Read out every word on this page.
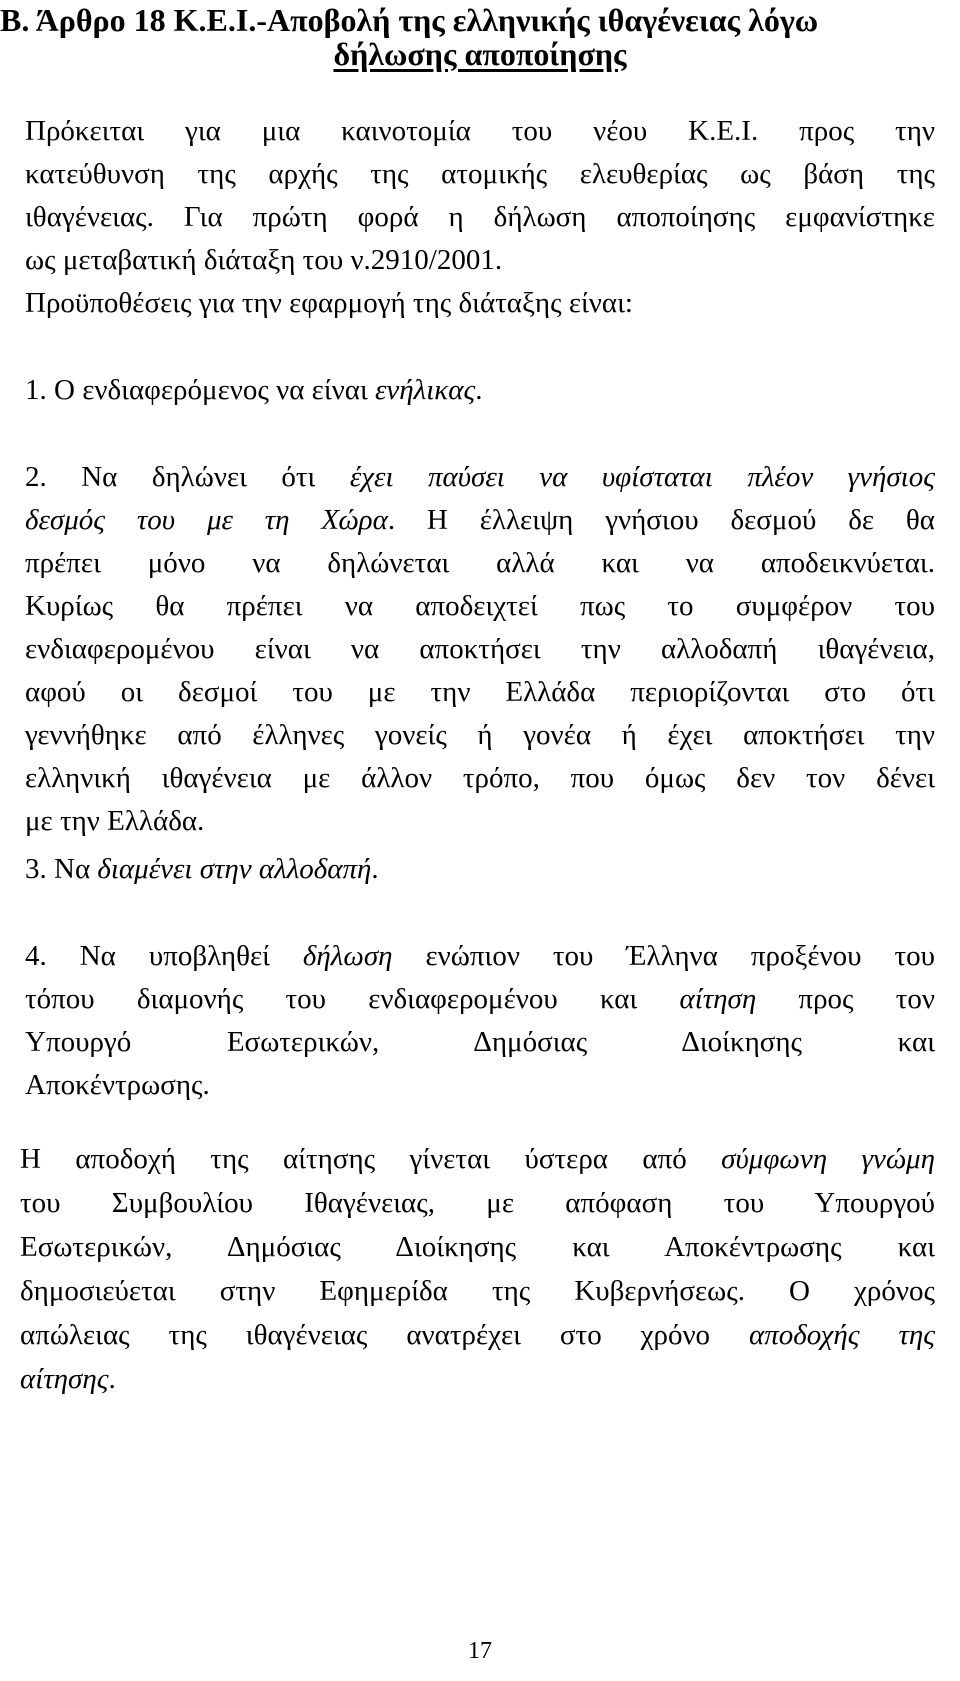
Β. Άρθρο 18 Κ.Ε.Ι.-Αποβολή της ελληνικής ιθαγένειας λόγω
δήλωσης αποποίησης
Πρόκειται για μια καινοτομία του νέου Κ.Ε.Ι. προς την
κατεύθυνση της αρχής της ατομικής ελευθερίας ως βάση της
ιθαγένειας. Για πρώτη φορά η δήλωση αποποίησης εμφανίστηκε
ως μεταβατική διάταξη του ν.2910/2001.
Προϋποθέσεις για την εφαρμογή της διάταξης είναι:
1. Ο ενδιαφερόμενος να είναι ενήλικας.
2. Να δηλώνει ότι έχει παύσει να υφίσταται πλέον γνήσιος
δεσμός του με τη Χώρα. Η έλλειψη γνήσιου δεσμού δε θα
πρέπει μόνο να δηλώνεται αλλά και να αποδεικνύεται.
Κυρίως θα πρέπει να αποδειχτεί πως το συμφέρον του
ενδιαφερομένου είναι να αποκτήσει την αλλοδαπή ιθαγένεια,
αφού οι δεσμοί του με την Ελλάδα περιορίζονται στο ότι
γεννήθηκε από έλληνες γονείς ή γονέα ή έχει αποκτήσει την
ελληνική ιθαγένεια με άλλον τρόπο, που όμως δεν τον δένει
με την Ελλάδα.
3. Να διαμένει στην αλλοδαπή.
4. Να υποβληθεί δήλωση ενώπιον του Έλληνα προξένου του
τόπου διαμονής του ενδιαφερομένου και αίτηση προς τον
Υπουργό Εσωτερικών, Δημόσιας Διοίκησης και
Αποκέντρωσης.
Η αποδοχή της αίτησης γίνεται ύστερα από σύμφωνη γνώμη
του Συμβουλίου Ιθαγένειας, με απόφαση του Υπουργού
Εσωτερικών, Δημόσιας Διοίκησης και Αποκέντρωσης και
δημοσιεύεται στην Εφημερίδα της Κυβερνήσεως. Ο χρόνος
απώλειας της ιθαγένειας ανατρέχει στο χρόνο αποδοχής της
αίτησης.
17
